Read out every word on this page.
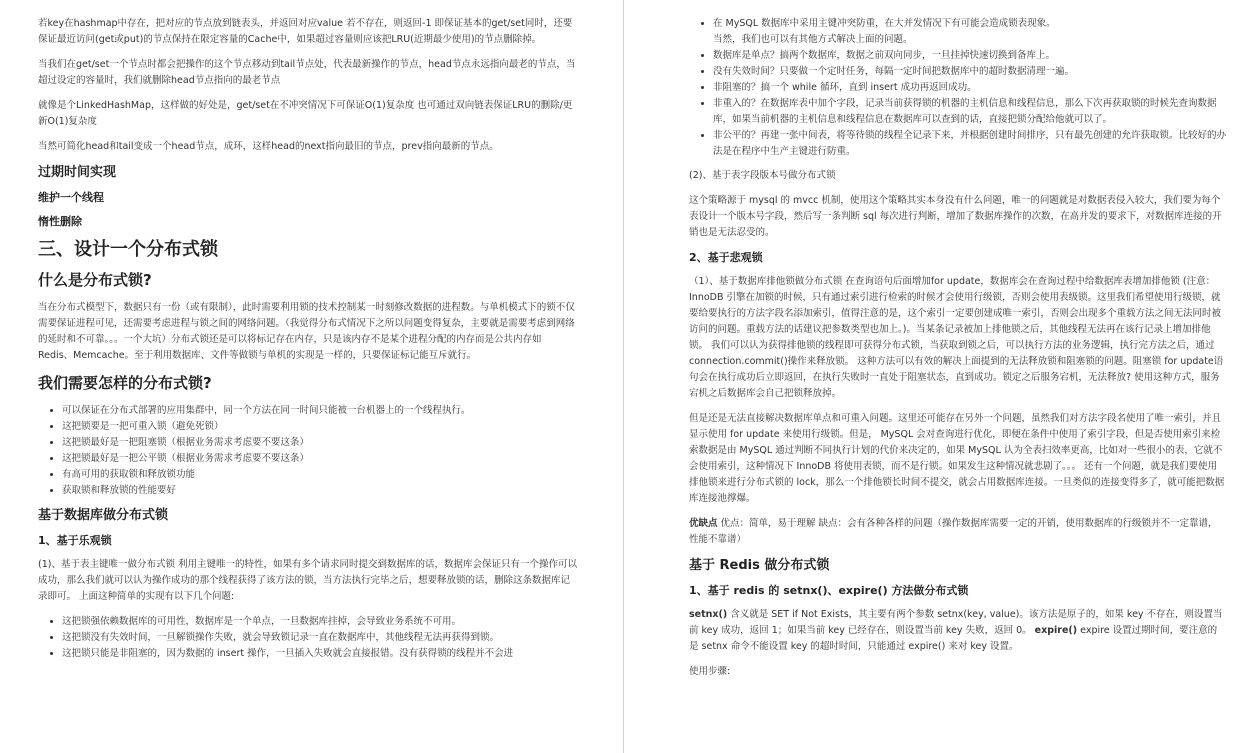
若key在hashmap中存在，把对应的节点放到链表头，并返回对应value 若不存在，则返回-1 即保证基本的get/set同时，还要保证最近访问(get或put)的节点保持在限定容量的Cache中，如果超过容量则应该把LRU(近期最少使用)的节点删除掉。

当我们在get/set一个节点时都会把操作的这个节点移动到tail节点处，代表最新操作的节点，head节点永远指向最老的节点，当超过设定的容量时，我们就删除head节点指向的最老节点

就像是个LinkedHashMap，这样做的好处是，get/set在不冲突情况下可保证O(1)复杂度 也可通过双向链表保证LRU的删除/更新O(1)复杂度

当然可简化head和tail变成一个head节点，成环，这样head的next指向最旧的节点，prev指向最新的节点。

过期时间实现
维护一个线程
惰性删除
三、设计一个分布式锁
什么是分布式锁?

当在分布式模型下，数据只有一份（或有限制），此时需要利用锁的技术控制某一时刻修改数据的进程数。与单机模式下的锁不仅需要保证进程可见，还需要考虑进程与锁之间的网络问题。（我觉得分布式情况下之所以问题变得复杂，主要就是需要考虑到网络的延时和不可靠。。。一个大坑）分布式锁还是可以将标记存在内存，只是该内存不是某个进程分配的内存而是公共内存如 Redis、Memcache。至于利用数据库、文件等做锁与单机的实现是一样的，只要保证标记能互斥就行。

我们需要怎样的分布式锁?
• 可以保证在分布式部署的应用集群中，同一个方法在同一时间只能被一台机器上的一个线程执行。
• 这把锁要是一把可重入锁（避免死锁）
• 这把锁最好是一把阻塞锁（根据业务需求考虑要不要这条）
• 这把锁最好是一把公平锁（根据业务需求考虑要不要这条）
• 有高可用的获取锁和释放锁功能
• 获取锁和释放锁的性能要好
基于数据库做分布式锁
1、基于乐观锁

(1)、基于表主键唯一做分布式锁 利用主键唯一的特性，如果有多个请求同时提交到数据库的话，数据库会保证只有一个操作可以成功，那么我们就可以认为操作成功的那个线程获得了该方法的锁，当方法执行完毕之后，想要释放锁的话，删除这条数据库记录即可。 上面这种简单的实现有以下几个问题:

• 这把锁强依赖数据库的可用性，数据库是一个单点，一旦数据库挂掉，会导致业务系统不可用。
• 这把锁没有失效时间，一旦解锁操作失败，就会导致锁记录一直在数据库中，其他线程无法再获得到锁。
• 这把锁只能是非阻塞的，因为数据的 insert 操作，一旦插入失败就会直接报错。没有获得锁的线程并不会进
• 在 MySQL 数据库中采用主键冲突防重，在大并发情况下有可能会造成锁表现象。
当然，我们也可以有其他方式解决上面的问题。
• 数据库是单点？搞两个数据库，数据之前双向同步，一旦挂掉快速切换到备库上。
• 没有失效时间？只要做一个定时任务，每隔一定时间把数据库中的超时数据清理一遍。
• 非阻塞的？搞一个 while 循环，直到 insert 成功再返回成功。
• 非重入的？在数据库表中加个字段，记录当前获得锁的机器的主机信息和线程信息，那么下次再获取锁的时候先查询数据库，如果当前机器的主机信息和线程信息在数据库可以查到的话，直接把锁分配给他就可以了。
• 非公平的？再建一张中间表，将等待锁的线程全记录下来，并根据创建时间排序，只有最先创建的允许获取锁。比较好的办法是在程序中生产主键进行防重。

(2)、基于表字段版本号做分布式锁

这个策略源于 mysql 的 mvcc 机制，使用这个策略其实本身没有什么问题，唯一的问题就是对数据表侵入较大，我们要为每个表设计一个版本号字段，然后写一条判断 sql 每次进行判断，增加了数据库操作的次数，在高并发的要求下，对数据库连接的开销也是无法忍受的。

2、基于悲观锁

（1）、基于数据库排他锁做分布式锁 在查询语句后面增加for update，数据库会在查询过程中给数据库表增加排他锁 (注意： InnoDB 引擎在加锁的时候，只有通过索引进行检索的时候才会使用行级锁，否则会使用表级锁。这里我们希望使用行级锁，就要给要执行的方法字段名添加索引，值得注意的是，这个索引一定要创建成唯一索引，否则会出现多个重载方法之间无法同时被访问的问题。重载方法的话建议把参数类型也加上。)。当某条记录被加上排他锁之后，其他线程无法再在该行记录上增加排他锁。 我们可以认为获得排他锁的线程即可获得分布式锁，当获取到锁之后，可以执行方法的业务逻辑，执行完方法之后，通过connection.commit()操作来释放锁。 这种方法可以有效的解决上面提到的无法释放锁和阻塞锁的问题。阻塞锁 for update语句会在执行成功后立即返回，在执行失败时一直处于阻塞状态，直到成功。锁定之后服务宕机，无法释放? 使用这种方式，服务宕机之后数据库会自己把锁释放掉。

但是还是无法直接解决数据库单点和可重入问题。这里还可能存在另外一个问题，虽然我们对方法字段名使用了唯一索引，并且显示使用 for update 来使用行级锁。但是， MySQL 会对查询进行优化，即便在条件中使用了索引字段，但是否使用索引来检索数据是由 MySQL 通过判断不同执行计划的代价来决定的，如果 MySQL 认为全表扫效率更高，比如对一些很小的表，它就不会使用索引，这种情况下 InnoDB 将使用表锁，而不是行锁。如果发生这种情况就悲剧了。。。 还有一个问题，就是我们要使用排他锁来进行分布式锁的 lock，那么一个排他锁长时间不提交，就会占用数据库连接。一旦类似的连接变得多了，就可能把数据库连接池撑爆。

优缺点 优点：简单，易于理解 缺点：会有各种各样的问题（操作数据库需要一定的开销，使用数据库的行级锁并不一定靠谱，性能不靠谱）

基于 Redis 做分布式锁
1、基于 redis 的 setnx()、expire() 方法做分布式锁

setnx() 含义就是 SET if Not Exists，其主要有两个参数 setnx(key, value)。该方法是原子的，如果 key 不存在，则设置当前 key 成功，返回 1；如果当前 key 已经存在，则设置当前 key 失败，返回 0。 expire() expire 设置过期时间，要注意的是 setnx 命令不能设置 key 的超时时间，只能通过 expire() 来对 key 设置。

使用步骤:
